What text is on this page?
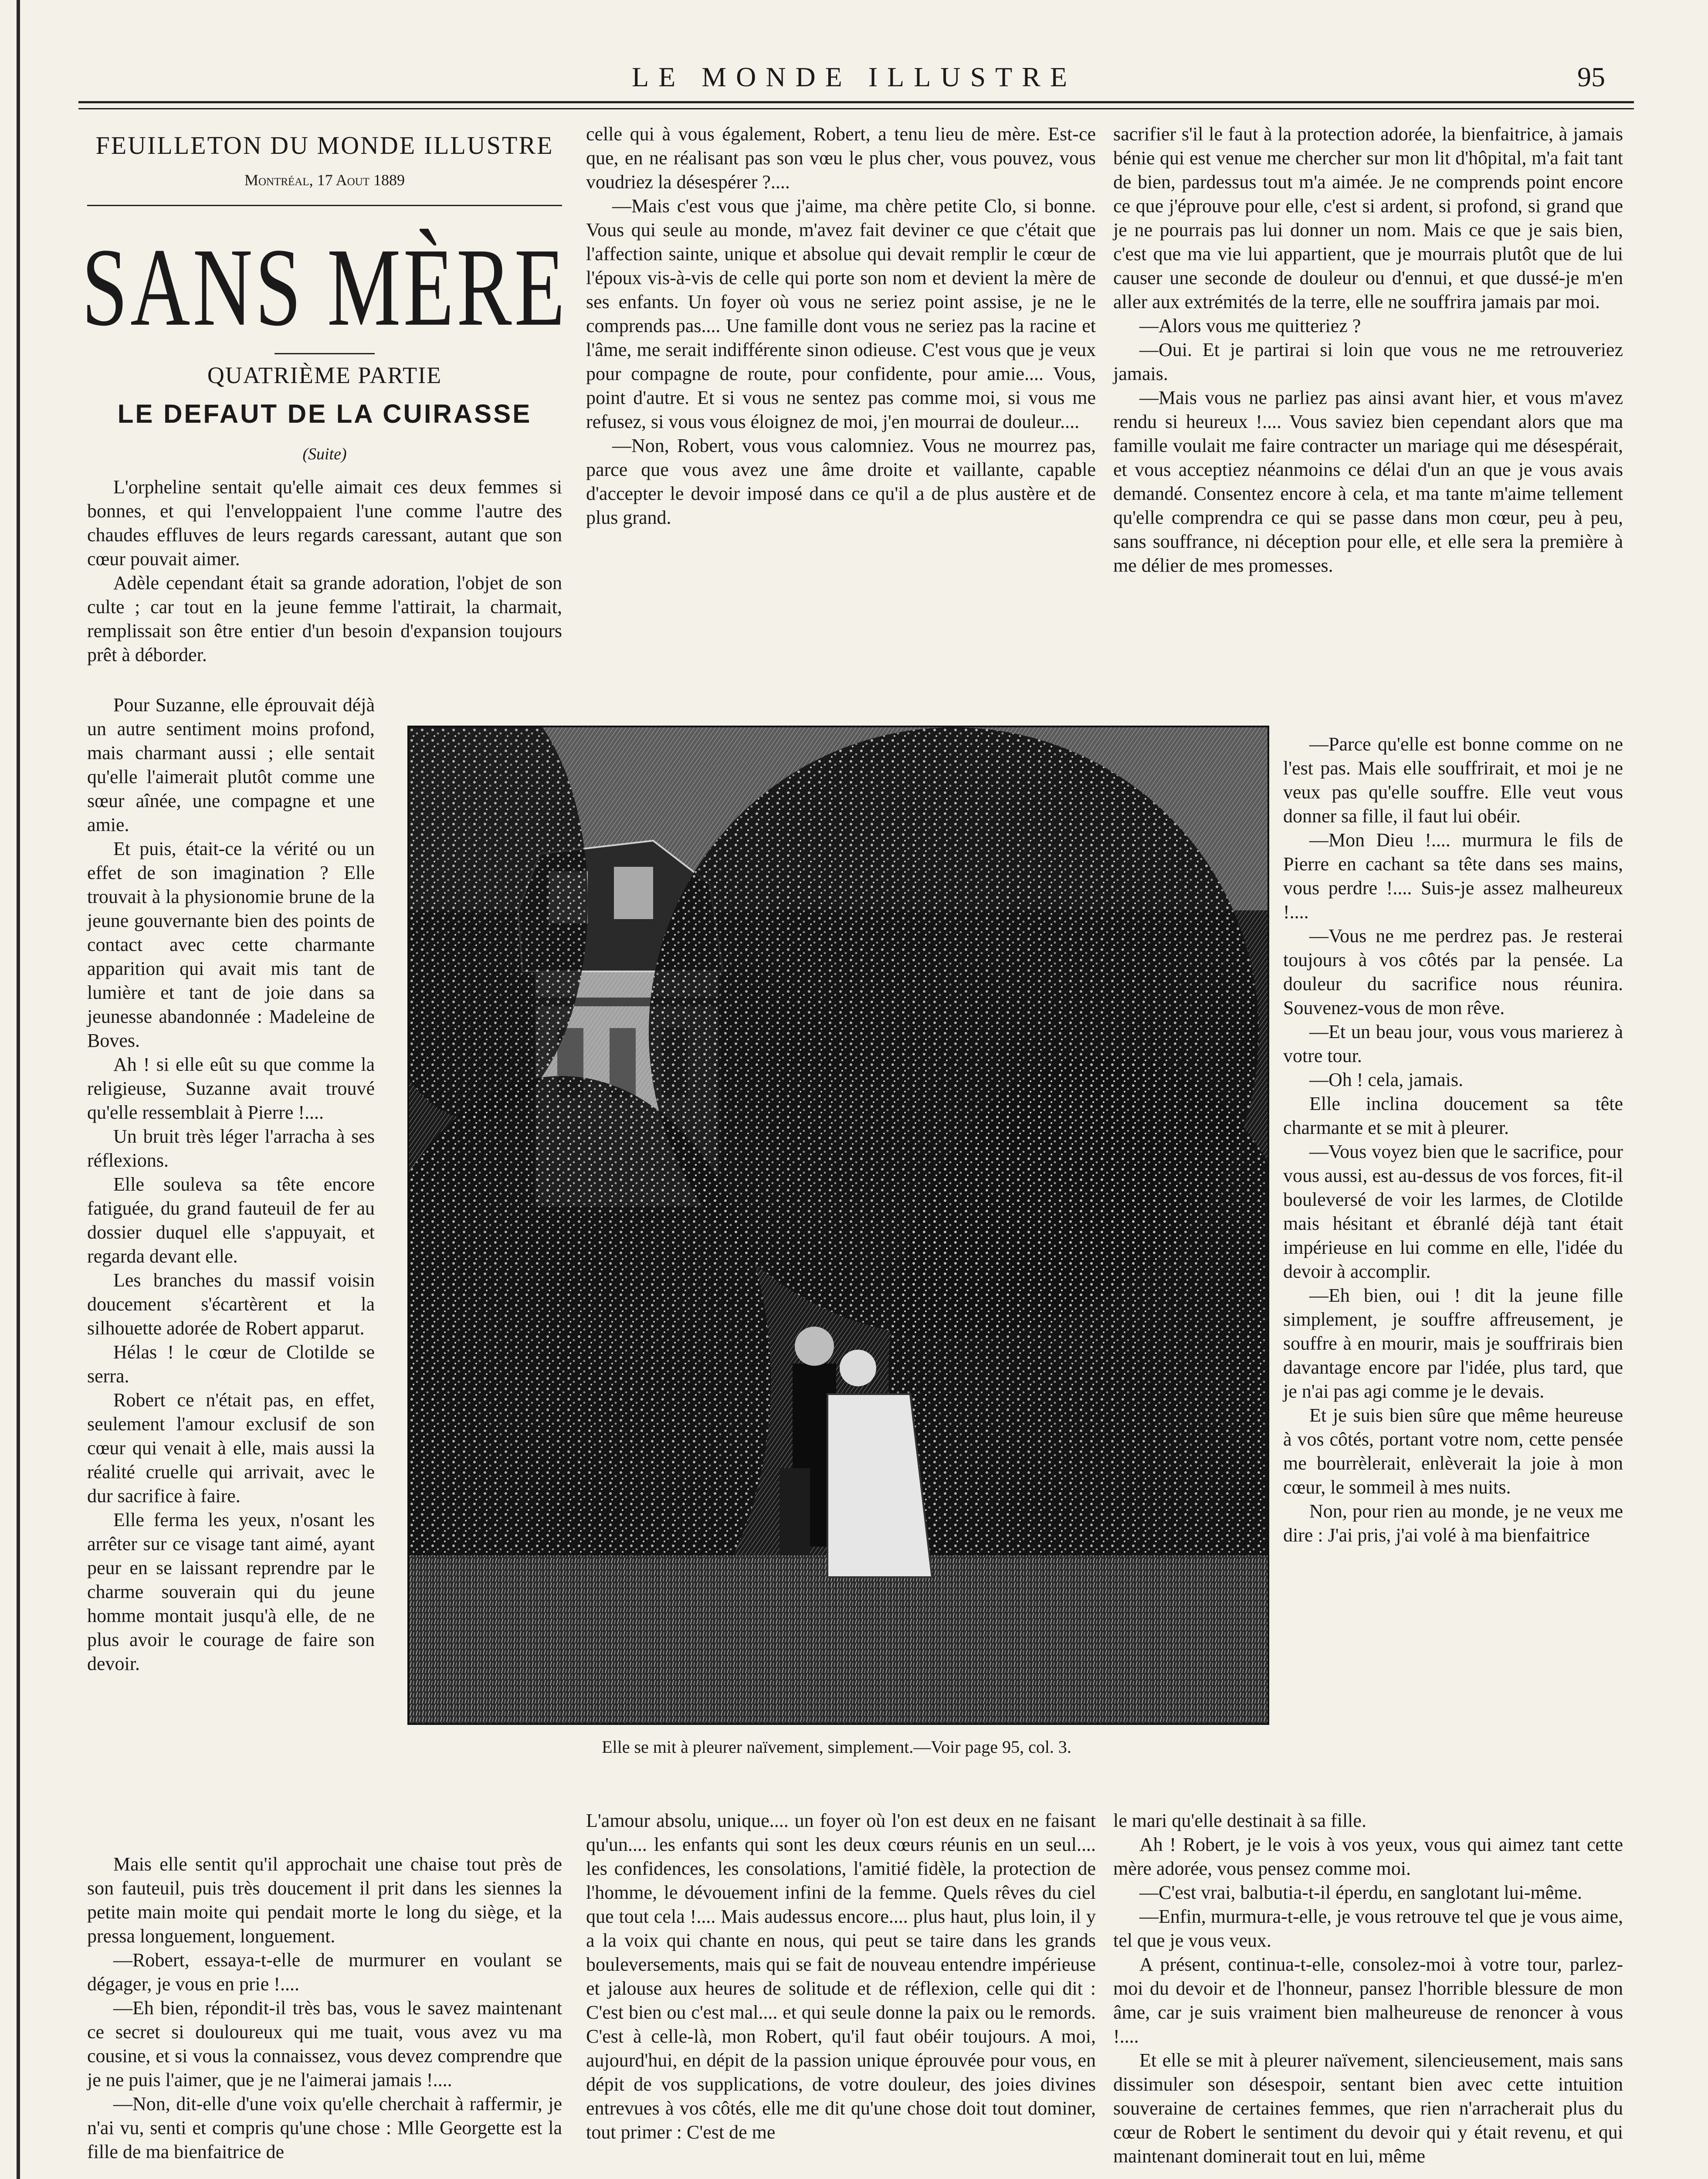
LE MONDE ILLUSTRE	95
FEUILLETON DU MONDE ILLUSTRE
Montréal, 17 Aout 1889
SANS MÈRE
QUATRIÈME PARTIE
LE DEFAUT DE LA CUIRASSE
(Suite)

L'orpheline sentait qu'elle aimait ces deux femmes si bonnes, et qui l'enveloppaient l'une comme l'autre des chaudes effluves de leurs regards caressant, autant que son cœur pouvait aimer.

Adèle cependant était sa grande adoration, l'objet de son culte ; car tout en la jeune femme l'attirait, la charmait, remplissait son être entier d'un besoin d'expansion toujours prêt à déborder.

Pour Suzanne, elle éprouvait déjà un autre sentiment moins profond, mais charmant aussi ; elle sentait qu'elle l'aimerait plutôt comme une sœur aînée, une compagne et une amie.

Et puis, était-ce la vérité ou un effet de son imagination ? Elle trouvait à la physionomie brune de la jeune gouvernante bien des points de contact avec cette charmante apparition qui avait mis tant de lumière et tant de joie dans sa jeunesse abandonnée : Madeleine de Boves.

Ah ! si elle eût su que comme la religieuse, Suzanne avait trouvé qu'elle ressemblait à Pierre !....

Un bruit très léger l'arracha à ses réflexions.

Elle souleva sa tête encore fatiguée, du grand fauteuil de fer au dossier duquel elle s'appuyait, et regarda devant elle.

Les branches du massif voisin doucement s'écartèrent et la silhouette adorée de Robert apparut.

Hélas ! le cœur de Clotilde se serra.

Robert ce n'était pas, en effet, seulement l'amour exclusif de son cœur qui venait à elle, mais aussi la réalité cruelle qui arrivait, avec le dur sacrifice à faire.

Elle ferma les yeux, n'osant les arrêter sur ce visage tant aimé, ayant peur en se laissant reprendre par le charme souverain qui du jeune homme montait jusqu'à elle, de ne plus avoir le courage de faire son devoir.

Mais elle sentit qu'il approchait une chaise tout près de son fauteuil, puis très doucement il prit dans les siennes la petite main moite qui pendait morte le long du siège, et la pressa longuement, longuement.

—Robert, essaya-t-elle de murmurer en voulant se dégager, je vous en prie !....

—Eh bien, répondit-il très bas, vous le savez maintenant ce secret si douloureux qui me tuait, vous avez vu ma cousine, et si vous la connaissez, vous devez comprendre que je ne puis l'aimer, que je ne l'aimerai jamais !....

—Non, dit-elle d'une voix qu'elle cherchait à raffermir, je n'ai vu, senti et compris qu'une chose : Mlle Georgette est la fille de ma bienfaitrice de

celle qui à vous également, Robert, a tenu lieu de mère. Est-ce que, en ne réalisant pas son vœu le plus cher, vous pouvez, vous voudriez la désespérer ?....

—Mais c'est vous que j'aime, ma chère petite Clo, si bonne. Vous qui seule au monde, m'avez fait deviner ce que c'était que l'affection sainte, unique et absolue qui devait remplir le cœur de l'époux vis-à-vis de celle qui porte son nom et devient la mère de ses enfants. Un foyer où vous ne seriez point assise, je ne le comprends pas.... Une famille dont vous ne seriez pas la racine et l'âme, me serait indifférente sinon odieuse. C'est vous que je veux pour compagne de route, pour confidente, pour amie.... Vous, point d'autre. Et si vous ne sentez pas comme moi, si vous me refusez, si vous vous éloignez de moi, j'en mourrai de douleur....

—Non, Robert, vous vous calomniez. Vous ne mourrez pas, parce que vous avez une âme droite et vaillante, capable d'accepter le devoir imposé dans ce qu'il a de plus austère et de plus grand.

sacrifier s'il le faut à la protection adorée, la bienfaitrice, à jamais bénie qui est venue me chercher sur mon lit d'hôpital, m'a fait tant de bien, pardessus tout m'a aimée. Je ne comprends point encore ce que j'éprouve pour elle, c'est si ardent, si profond, si grand que je ne pourrais pas lui donner un nom. Mais ce que je sais bien, c'est que ma vie lui appartient, que je mourrais plutôt que de lui causer une seconde de douleur ou d'ennui, et que dussé-je m'en aller aux extrémités de la terre, elle ne souffrira jamais par moi.

—Alors vous me quitteriez ?

—Oui. Et je partirai si loin que vous ne me retrouveriez jamais.

—Mais vous ne parliez pas ainsi avant hier, et vous m'avez rendu si heureux !.... Vous saviez bien cependant alors que ma famille voulait me faire contracter un mariage qui me désespérait, et vous acceptiez néanmoins ce délai d'un an que je vous avais demandé. Consentez encore à cela, et ma tante m'aime tellement qu'elle comprendra ce qui se passe dans mon cœur, peu à peu, sans souffrance, ni déception pour elle, et elle sera la première à me délier de mes promesses.

—Parce qu'elle est bonne comme on ne l'est pas. Mais elle souffrirait, et moi je ne veux pas qu'elle souffre. Elle veut vous donner sa fille, il faut lui obéir.

—Mon Dieu !.... murmura le fils de Pierre en cachant sa tête dans ses mains, vous perdre !.... Suis-je assez malheureux !....

—Vous ne me perdrez pas. Je resterai toujours à vos côtés par la pensée. La douleur du sacrifice nous réunira. Souvenez-vous de mon rêve.

—Et un beau jour, vous vous marierez à votre tour.

—Oh ! cela, jamais.

Elle inclina doucement sa tête charmante et se mit à pleurer.

—Vous voyez bien que le sacrifice, pour vous aussi, est au-dessus de vos forces, fit-il bouleversé de voir les larmes, de Clotilde mais hésitant et ébranlé déjà tant était impérieuse en lui comme en elle, l'idée du devoir à accomplir.

—Eh bien, oui ! dit la jeune fille simplement, je souffre affreusement, je souffre à en mourir, mais je souffrirais bien davantage encore par l'idée, plus tard, que je n'ai pas agi comme je le devais.

Et je suis bien sûre que même heureuse à vos côtés, portant votre nom, cette pensée me bourrèlerait, enlèverait la joie à mon cœur, le sommeil à mes nuits.

Non, pour rien au monde, je ne veux me dire : J'ai pris, j'ai volé à ma bienfaitrice

Elle se mit à pleurer naïvement, simplement.—Voir page 95, col. 3.

L'amour absolu, unique.... un foyer où l'on est deux en ne faisant qu'un.... les enfants qui sont les deux cœurs réunis en un seul.... les confidences, les consolations, l'amitié fidèle, la protection de l'homme, le dévouement infini de la femme. Quels rêves du ciel que tout cela !.... Mais audessus encore.... plus haut, plus loin, il y a la voix qui chante en nous, qui peut se taire dans les grands bouleversements, mais qui se fait de nouveau entendre impérieuse et jalouse aux heures de solitude et de réflexion, celle qui dit : C'est bien ou c'est mal.... et qui seule donne la paix ou le remords. C'est à celle-là, mon Robert, qu'il faut obéir toujours. A moi, aujourd'hui, en dépit de la passion unique éprouvée pour vous, en dépit de vos supplications, de votre douleur, des joies divines entrevues à vos côtés, elle me dit qu'une chose doit tout dominer, tout primer : C'est de me

le mari qu'elle destinait à sa fille.

Ah ! Robert, je le vois à vos yeux, vous qui aimez tant cette mère adorée, vous pensez comme moi.

—C'est vrai, balbutia-t-il éperdu, en sanglotant lui-même.

—Enfin, murmura-t-elle, je vous retrouve tel que je vous aime, tel que je vous veux.

A présent, continua-t-elle, consolez-moi à votre tour, parlez-moi du devoir et de l'honneur, pansez l'horrible blessure de mon âme, car je suis vraiment bien malheureuse de renoncer à vous !....

Et elle se mit à pleurer naïvement, silencieusement, mais sans dissimuler son désespoir, sentant bien avec cette intuition souveraine de certaines femmes, que rien n'arracherait plus du cœur de Robert le sentiment du devoir qui y était revenu, et qui maintenant dominerait tout en lui, même
